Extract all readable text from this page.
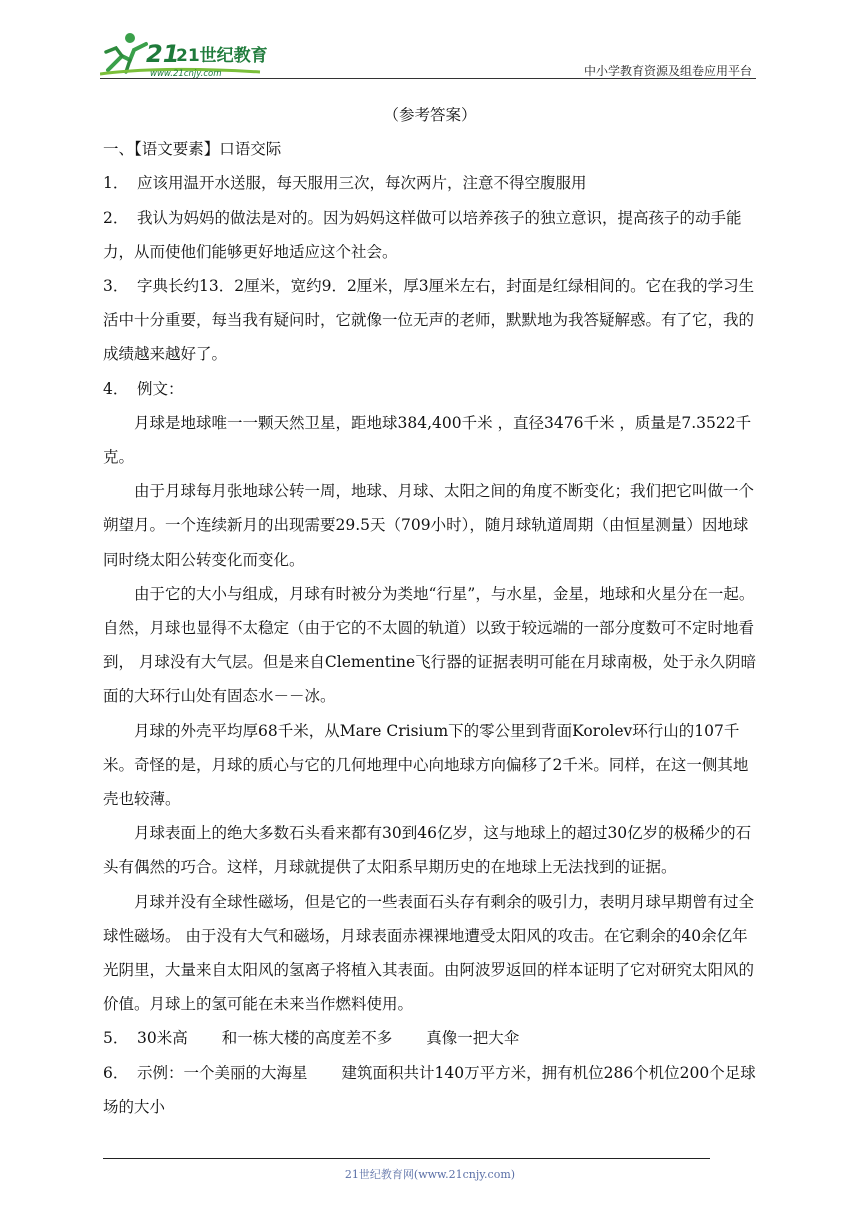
21
21世纪教育
www.21cnjy.com	中小学教育资源及组卷应用平台

（参考答案）

一、【语文要素】口语交际

1． 应该用温开水送服，每天服用三次，每次两片，注意不得空腹服用

2． 我认为妈妈的做法是对的。因为妈妈这样做可以培养孩子的独立意识，提高孩子的动手能力，从而使他们能够更好地适应这个社会。

3． 字典长约13．2厘米，宽约9．2厘米，厚3厘米左右，封面是红绿相间的。它在我的学习生活中十分重要，每当我有疑问时，它就像一位无声的老师，默默地为我答疑解惑。有了它，我的成绩越来越好了。

4． 例文：

月球是地球唯一一颗天然卫星，距地球384,400千米 ，直径3476千米 ，质量是7.3522千克。

由于月球每月张地球公转一周，地球、月球、太阳之间的角度不断变化；我们把它叫做一个朔望月。一个连续新月的出现需要29.5天（709小时），随月球轨道周期（由恒星测量）因地球同时绕太阳公转变化而变化。

由于它的大小与组成，月球有时被分为类地“行星”，与水星，金星，地球和火星分在一起。 自然，月球也显得不太稳定（由于它的不太圆的轨道）以致于较远端的一部分度数可不定时地看到， 月球没有大气层。但是来自Clementine飞行器的证据表明可能在月球南极，处于永久阴暗面的大环行山处有固态水－－冰。

月球的外壳平均厚68千米，从Mare Crisium下的零公里到背面Korolev环行山的107千米。奇怪的是，月球的质心与它的几何地理中心向地球方向偏移了2千米。同样，在这一侧其地壳也较薄。

月球表面上的绝大多数石头看来都有30到46亿岁，这与地球上的超过30亿岁的极稀少的石头有偶然的巧合。这样，月球就提供了太阳系早期历史的在地球上无法找到的证据。

月球并没有全球性磁场，但是它的一些表面石头存有剩余的吸引力，表明月球早期曾有过全球性磁场。 由于没有大气和磁场，月球表面赤裸裸地遭受太阳风的攻击。在它剩余的40余亿年光阴里，大量来自太阳风的氢离子将植入其表面。由阿波罗返回的样本证明了它对研究太阳风的价值。月球上的氢可能在未来当作燃料使用。

5． 30米高 和一栋大楼的高度差不多 真像一把大伞

6． 示例：一个美丽的大海星 建筑面积共计140万平方米，拥有机位286个机位200个足球场的大小

21世纪教育网(www.21cnjy.com)
